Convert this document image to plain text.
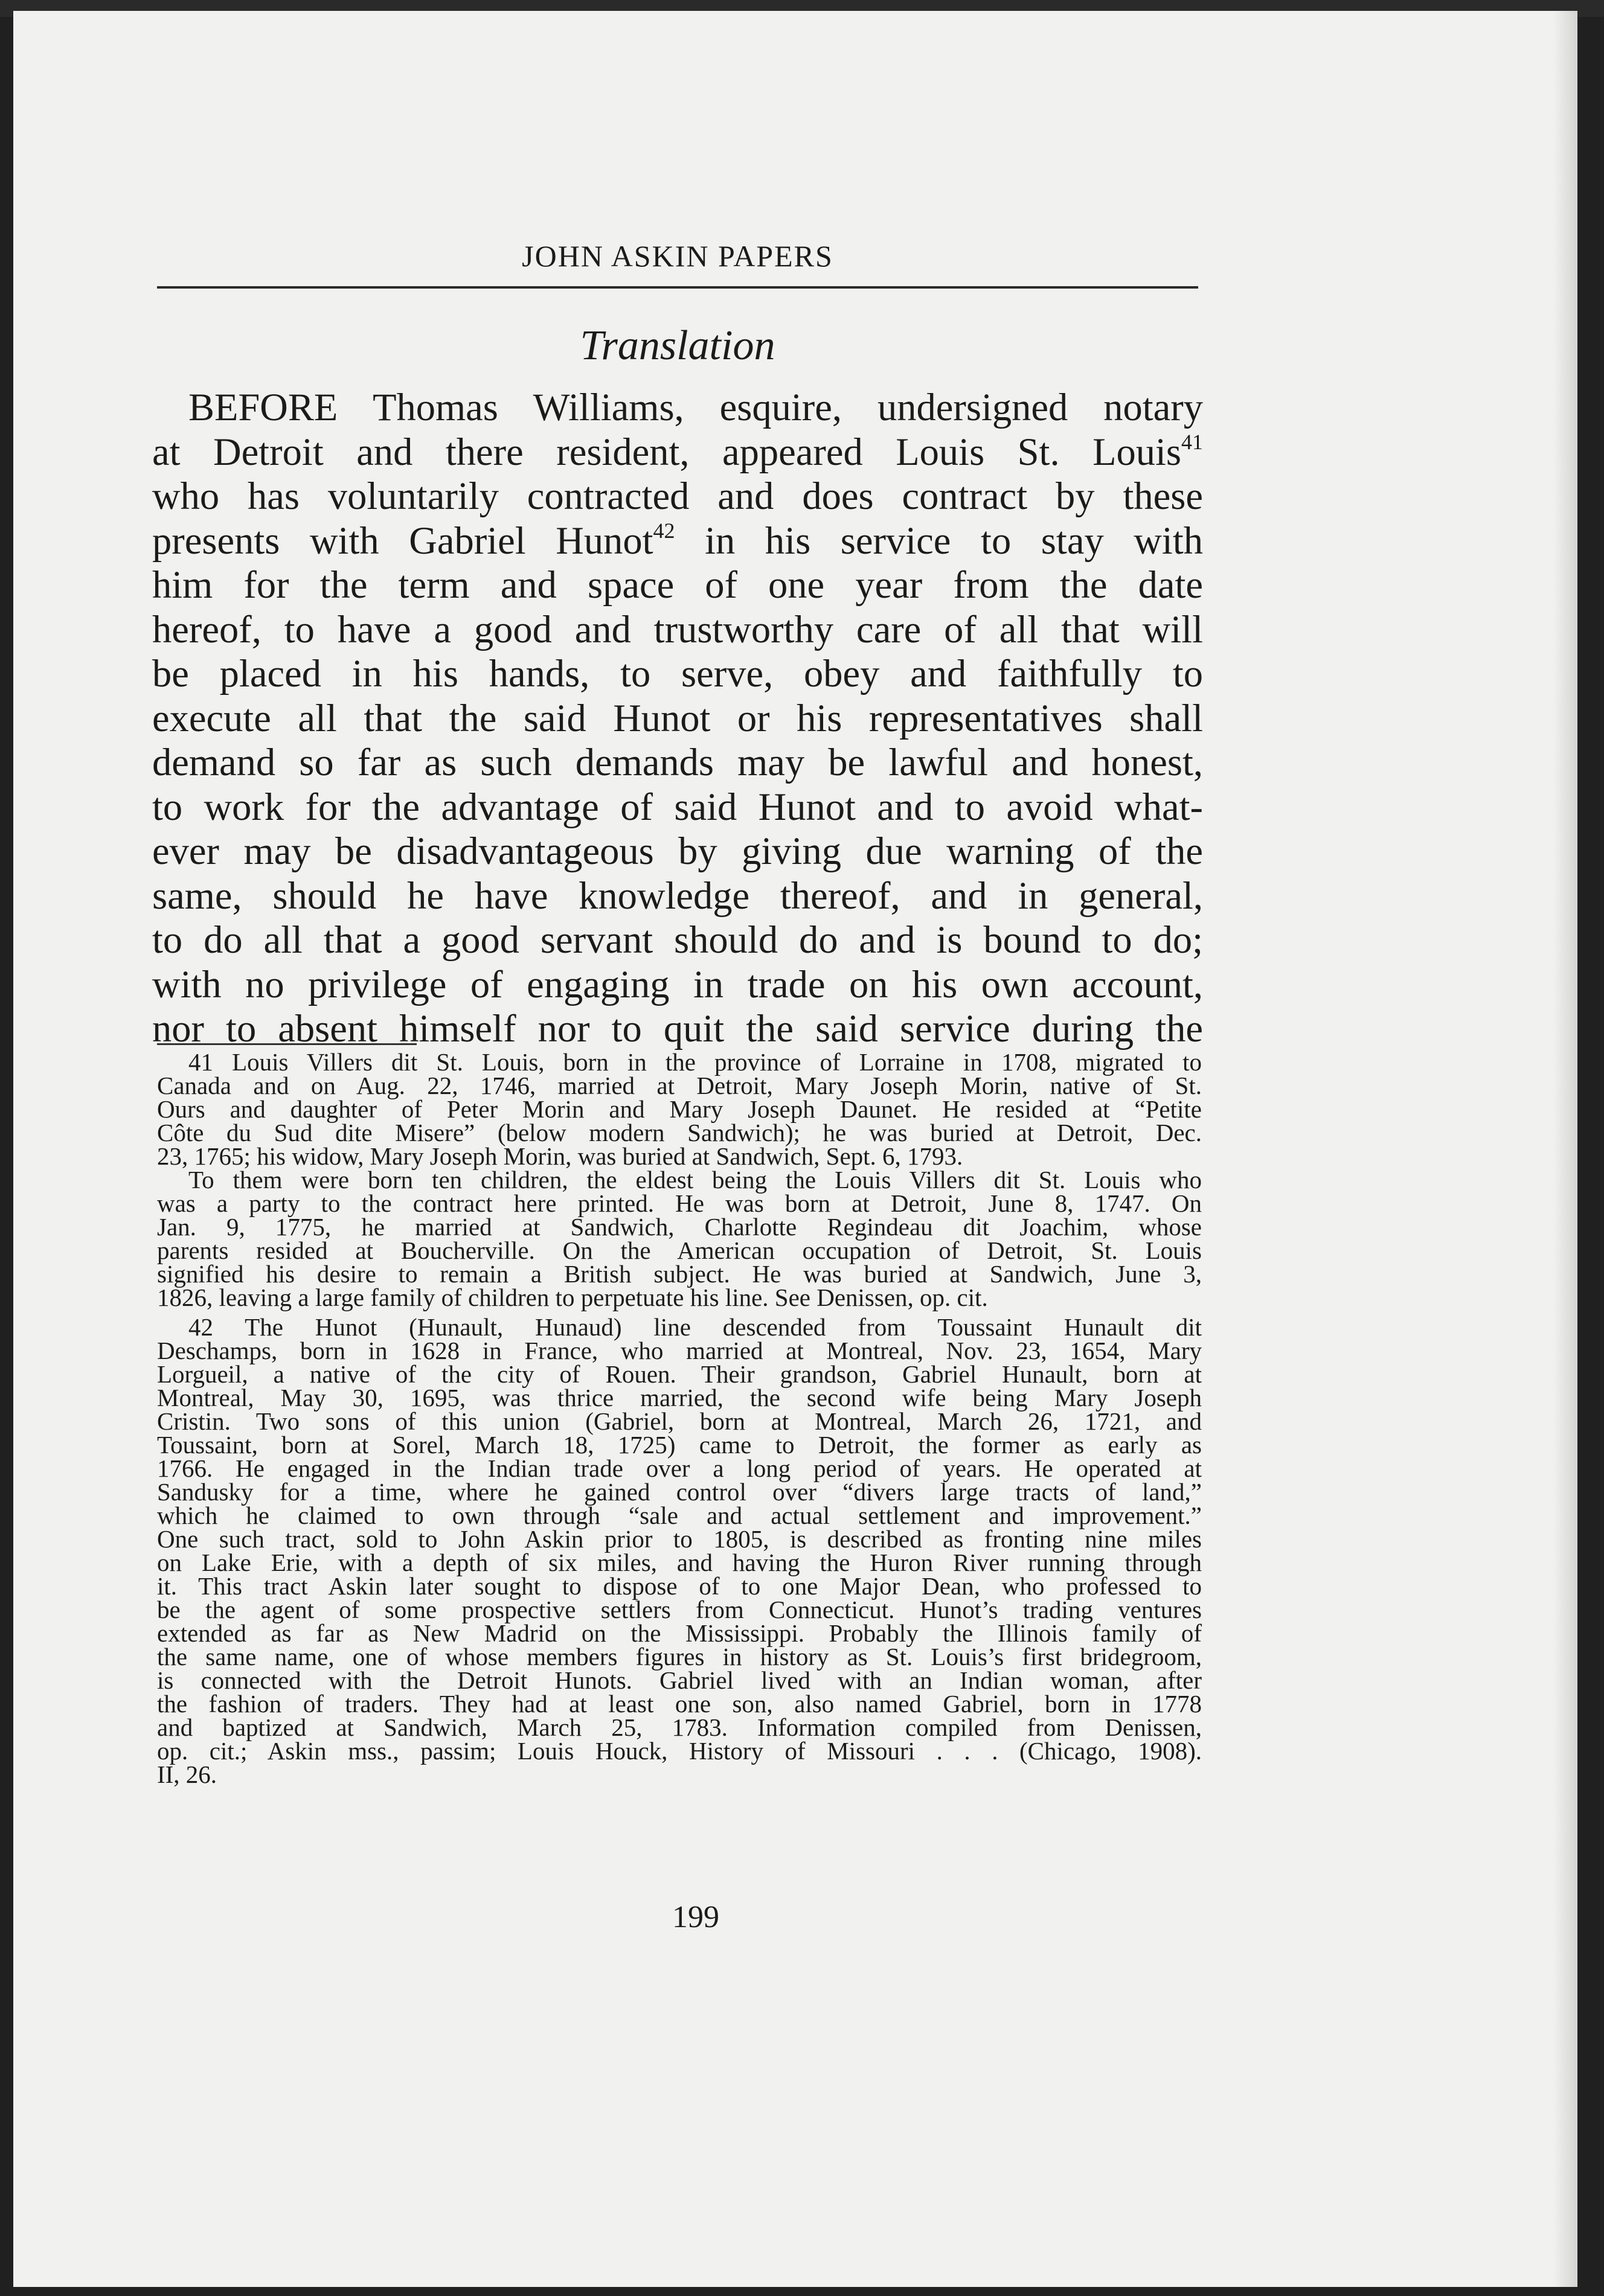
JOHN ASKIN PAPERS
Translation
BEFORE Thomas Williams, esquire, undersigned notary
at Detroit and there resident, appeared Louis St. Louis$^{41}$
who has voluntarily contracted and does contract by these
presents with Gabriel Hunot$^{42}$ in his service to stay with
him for the term and space of one year from the date
hereof, to have a good and trustworthy care of all that will
be placed in his hands, to serve, obey and faithfully to
execute all that the said Hunot or his representatives shall
demand so far as such demands may be lawful and honest,
to work for the advantage of said Hunot and to avoid what-
ever may be disadvantageous by giving due warning of the
same, should he have knowledge thereof, and in general,
to do all that a good servant should do and is bound to do;
with no privilege of engaging in trade on his own account,
nor to absent himself nor to quit the said service during the
41 Louis Villers dit St. Louis, born in the province of Lorraine in 1708, migrated to
Canada and on Aug. 22, 1746, married at Detroit, Mary Joseph Morin, native of St.
Ours and daughter of Peter Morin and Mary Joseph Daunet. He resided at “Petite
Côte du Sud dite Misere” (below modern Sandwich); he was buried at Detroit, Dec.
23, 1765; his widow, Mary Joseph Morin, was buried at Sandwich, Sept. 6, 1793.
To them were born ten children, the eldest being the Louis Villers dit St. Louis who
was a party to the contract here printed. He was born at Detroit, June 8, 1747. On
Jan. 9, 1775, he married at Sandwich, Charlotte Regindeau dit Joachim, whose
parents resided at Boucherville. On the American occupation of Detroit, St. Louis
signified his desire to remain a British subject. He was buried at Sandwich, June 3,
1826, leaving a large family of children to perpetuate his line. See Denissen, op. cit.
42 The Hunot (Hunault, Hunaud) line descended from Toussaint Hunault dit
Deschamps, born in 1628 in France, who married at Montreal, Nov. 23, 1654, Mary
Lorgueil, a native of the city of Rouen. Their grandson, Gabriel Hunault, born at
Montreal, May 30, 1695, was thrice married, the second wife being Mary Joseph
Cristin. Two sons of this union (Gabriel, born at Montreal, March 26, 1721, and
Toussaint, born at Sorel, March 18, 1725) came to Detroit, the former as early as
1766. He engaged in the Indian trade over a long period of years. He operated at
Sandusky for a time, where he gained control over “divers large tracts of land,”
which he claimed to own through “sale and actual settlement and improvement.”
One such tract, sold to John Askin prior to 1805, is described as fronting nine miles
on Lake Erie, with a depth of six miles, and having the Huron River running through
it. This tract Askin later sought to dispose of to one Major Dean, who professed to
be the agent of some prospective settlers from Connecticut. Hunot’s trading ventures
extended as far as New Madrid on the Mississippi. Probably the Illinois family of
the same name, one of whose members figures in history as St. Louis’s first bridegroom,
is connected with the Detroit Hunots. Gabriel lived with an Indian woman, after
the fashion of traders. They had at least one son, also named Gabriel, born in 1778
and baptized at Sandwich, March 25, 1783. Information compiled from Denissen,
op. cit.; Askin mss., passim; Louis Houck, History of Missouri . . . (Chicago, 1908).
II, 26.
199
